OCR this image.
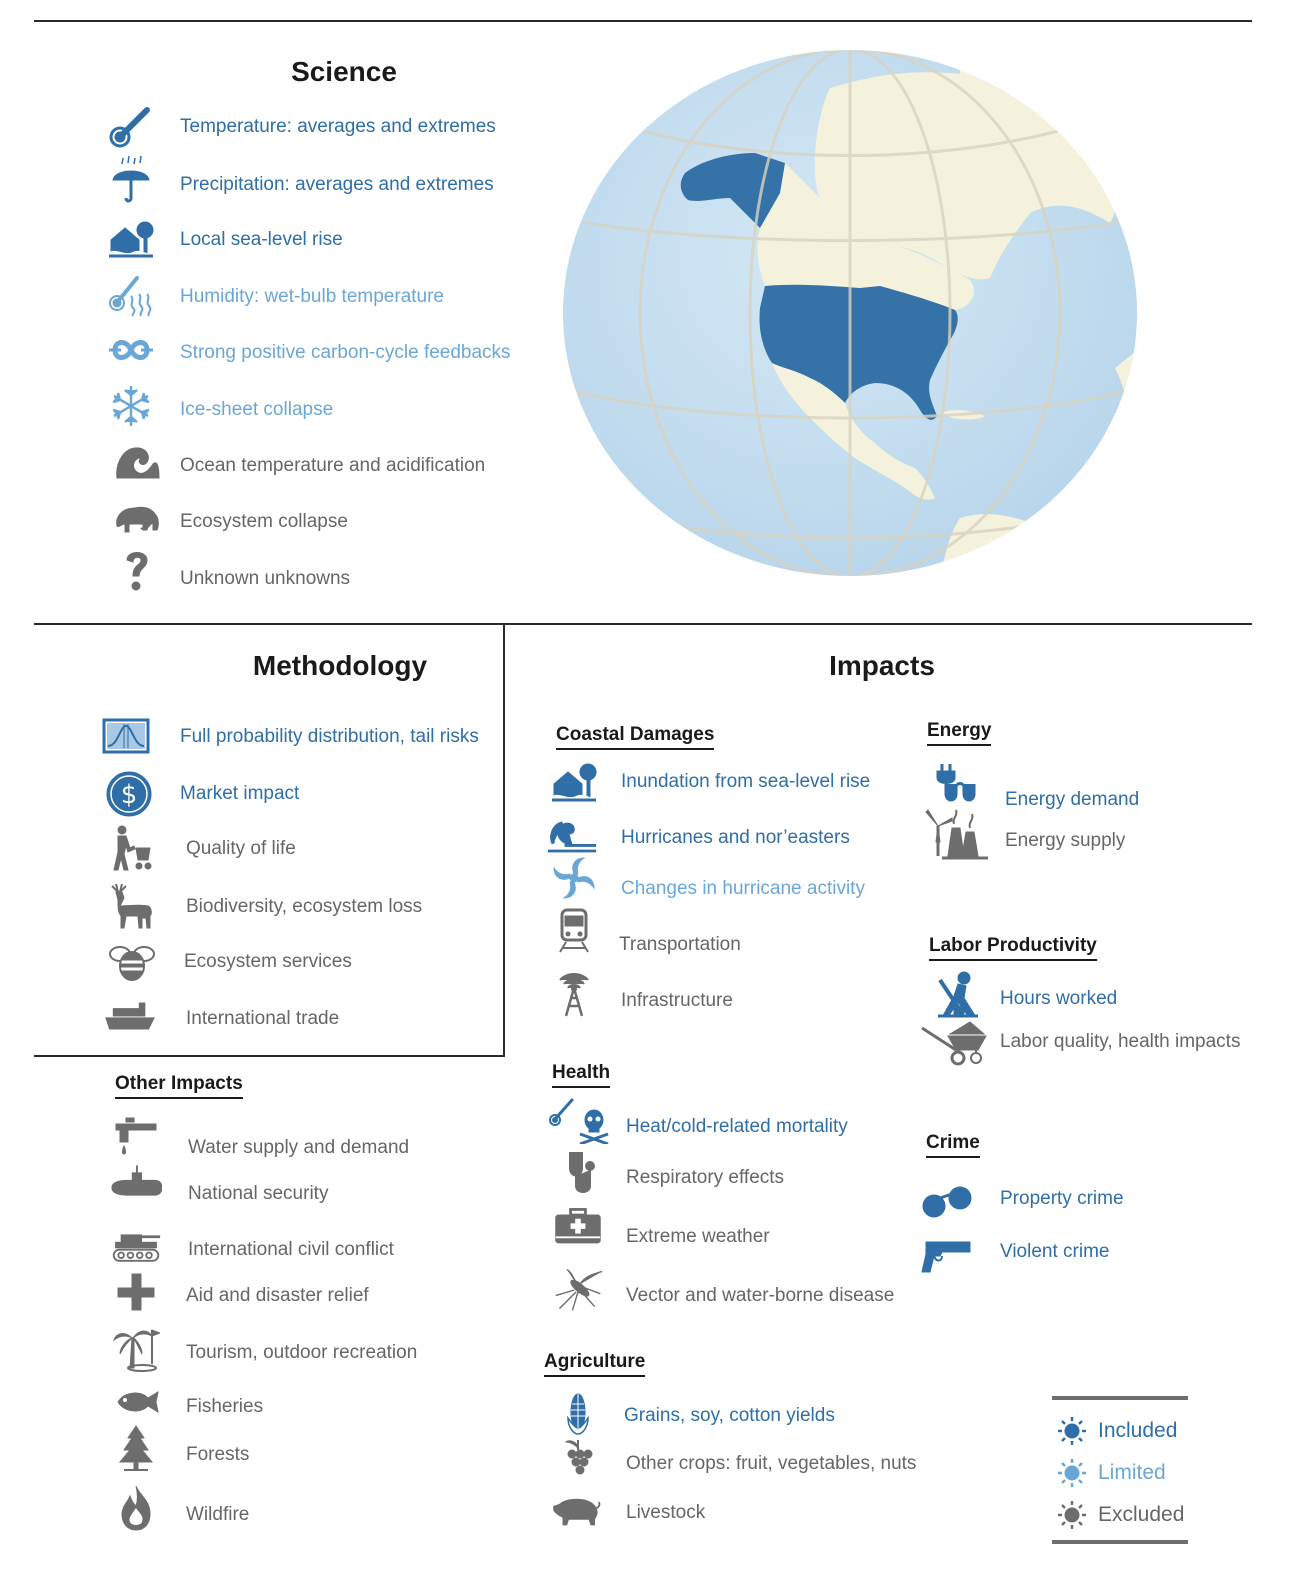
Science
Temperature: averages and extremes
Precipitation: averages and extremes
Local sea-level rise
Humidity: wet-bulb temperature
Strong positive carbon-cycle feedbacks
Ice-sheet collapse
Ocean temperature and acidification
Ecosystem collapse
Unknown unknowns
Methodology
Full probability distribution, tail risks
$ Market impact
Quality of life
Biodiversity, ecosystem loss
Ecosystem services
International trade
Other Impacts
Water supply and demand
National security
International civil conflict
Aid and disaster relief
Tourism, outdoor recreation
Fisheries
Forests
Wildfire
Impacts
Coastal Damages
Inundation from sea-level rise
Hurricanes and nor’easters
Changes in hurricane activity
Transportation
Infrastructure
Health
Heat/cold-related mortality
Respiratory effects
Extreme weather
Vector and water-borne disease
Agriculture
Grains, soy, cotton yields
Other crops: fruit, vegetables, nuts
Livestock
Energy
Energy demand
Energy supply
Labor Productivity
Hours worked
Labor quality, health impacts
Crime
Property crime
Violent crime
Included
Limited
Excluded
